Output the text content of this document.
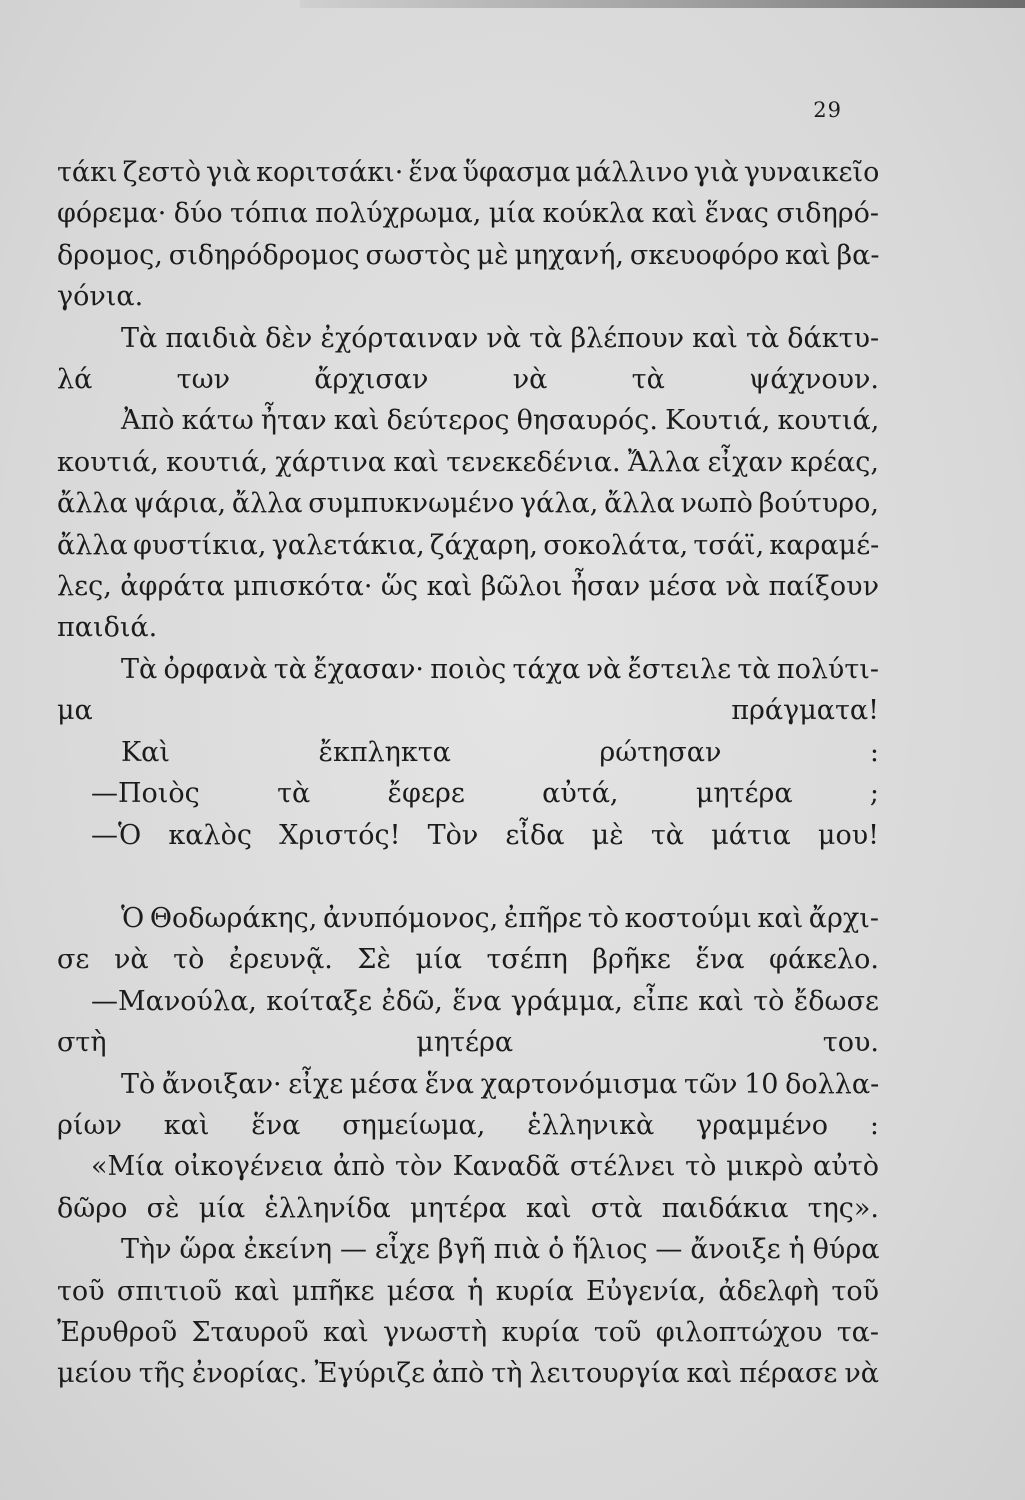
29
τάκι ζεστὸ γιὰ κοριτσάκι· ἕνα ὕφασμα μάλλινο γιὰ γυναικεῖο
φόρεμα· δύο τόπια πολύχρωμα, μία κούκλα καὶ ἕνας σιδηρό-
δρομος, σιδηρόδρομος σωστὸς μὲ μηχανή, σκευοφόρο καὶ βα-
γόνια.
Τὰ παιδιὰ δὲν ἐχόρταιναν νὰ τὰ βλέπουν καὶ τὰ δάκτυ-
λά των ἄρχισαν νὰ τὰ ψάχνουν.
Ἀπὸ κάτω ἦταν καὶ δεύτερος θησαυρός. Κουτιά, κουτιά,
κουτιά, κουτιά, χάρτινα καὶ τενεκεδένια. Ἄλλα εἶχαν κρέας,
ἄλλα ψάρια, ἄλλα συμπυκνωμένο γάλα, ἄλλα νωπὸ βούτυρο,
ἄλλα φυστίκια, γαλετάκια, ζάχαρη, σοκολάτα, τσάϊ, καραμέ-
λες, ἀφράτα μπισκότα· ὥς καὶ βῶλοι ἦσαν μέσα νὰ παίξουν
παιδιά.
Τὰ ὀρφανὰ τὰ ἔχασαν· ποιὸς τάχα νὰ ἔστειλε τὰ πολύτι-
μα πράγματα!
Καὶ ἔκπληκτα ρώτησαν :
—Ποιὸς τὰ ἔφερε αὐτά, μητέρα ;
—Ὁ καλὸς Χριστός! Τὸν εἶδα μὲ τὰ μάτια μου!
Ὁ Θοδωράκης, ἀνυπόμονος, ἐπῆρε τὸ κοστούμι καὶ ἄρχι-
σε νὰ τὸ ἐρευνᾷ. Σὲ μία τσέπη βρῆκε ἕνα φάκελο.
—Μανούλα, κοίταξε ἐδῶ, ἕνα γράμμα, εἶπε καὶ τὸ ἔδωσε
στὴ μητέρα του.
Τὸ ἄνοιξαν· εἶχε μέσα ἕνα χαρτονόμισμα τῶν 10 δολλα-
ρίων καὶ ἕνα σημείωμα, ἑλληνικὰ γραμμένο :
«Μία οἰκογένεια ἀπὸ τὸν Καναδᾶ στέλνει τὸ μικρὸ αὐτὸ
δῶρο σὲ μία ἑλληνίδα μητέρα καὶ στὰ παιδάκια της».
Τὴν ὥρα ἐκείνη — εἶχε βγῆ πιὰ ὁ ἥλιος — ἄνοιξε ἡ θύρα
τοῦ σπιτιοῦ καὶ μπῆκε μέσα ἡ κυρία Εὐγενία, ἀδελφὴ τοῦ
Ἐρυθροῦ Σταυροῦ καὶ γνωστὴ κυρία τοῦ φιλοπτώχου τα-
μείου τῆς ἐνορίας. Ἐγύριζε ἀπὸ τὴ λειτουργία καὶ πέρασε νὰ
